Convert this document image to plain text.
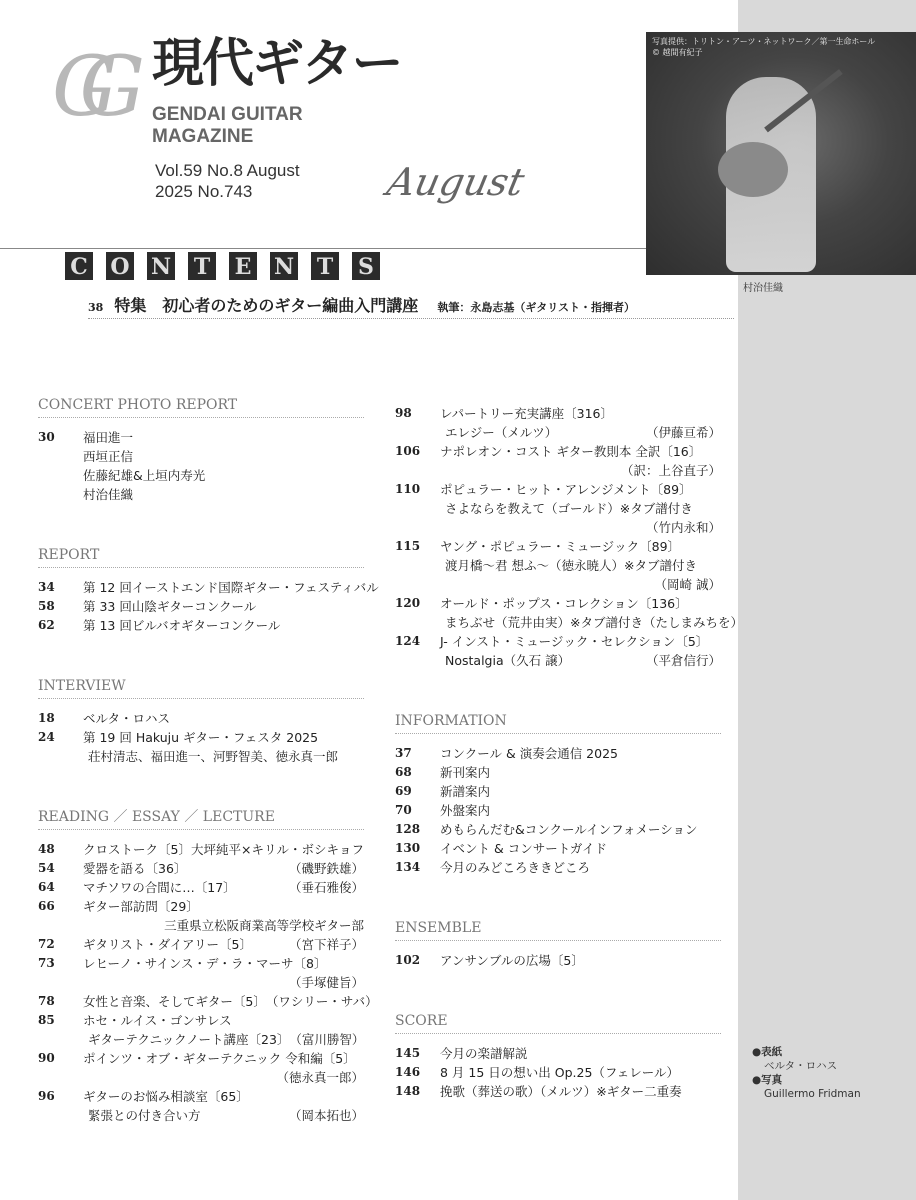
GG 現代ギター
GENDAI GUITAR
MAGAZINE
Vol.59 No.8 August
2025 No.743	August
写真提供：トリトン・アーツ・ネットワーク／第一生命ホール
© 越間有紀子
村治佳織
C O N T E N T S
38 特集　初心者のためのギター編曲入門講座 執筆：永島志基（ギタリスト・指揮者）
CONCERT PHOTO REPORT
30	福田進一
西垣正信
佐藤紀雄&上垣内寿光
村治佳織
REPORT
34	第 12 回イーストエンド国際ギター・フェスティバル
58	第 33 回山陰ギターコンクール
62	第 13 回ビルバオギターコンクール
INTERVIEW
18	ベルタ・ロハス
24	第 19 回 Hakuju ギター・フェスタ 2025
荘村清志、福田進一、河野智美、徳永真一郎
READING ／ ESSAY ／ LECTURE
48	クロストーク〔5〕 大坪純平×キリル・ボシキョフ
54	愛器を語る〔36〕	（磯野鉄雄）
64	マチソワの合間に…〔17〕	（垂石雅俊）
66	ギター部訪問〔29〕
三重県立松阪商業高等学校ギター部
72	ギタリスト・ダイアリー〔5〕	（宮下祥子）
73	レヒーノ・サインス・デ・ラ・マーサ〔8〕
（手塚健旨）
78	女性と音楽、そしてギター〔5〕 （ワシリー・サバ）
85	ホセ・ルイス・ゴンサレス
ギターテクニックノート講座〔23〕 （富川勝智）
90	ポインツ・オブ・ギターテクニック 令和編〔5〕
（徳永真一郎）
96	ギターのお悩み相談室〔65〕
緊張との付き合い方	（岡本拓也）
98	レパートリー充実講座〔316〕
エレジー（メルツ）	（伊藤亘希）
106	ナポレオン・コスト ギター教則本 全訳〔16〕
（訳：上谷直子）
110	ポピュラー・ヒット・アレンジメント〔89〕
さよならを教えて（ゴールド）※タブ譜付き
（竹内永和）
115	ヤング・ポピュラー・ミュージック〔89〕
渡月橋～君 想ふ～（徳永暁人）※タブ譜付き
（岡崎 誠）
120	オールド・ポップス・コレクション〔136〕
まちぶせ（荒井由実）※タブ譜付き （たしまみちを）
124	J- インスト・ミュージック・セレクション〔5〕
Nostalgia（久石 譲）	（平倉信行）
INFORMATION
37	コンクール & 演奏会通信 2025
68	新刊案内
69	新譜案内
70	外盤案内
128	めもらんだむ&コンクールインフォメーション
130	イベント & コンサートガイド
134	今月のみどころききどころ
ENSEMBLE
102	アンサンブルの広場〔5〕
SCORE
145	今月の楽譜解説
146	8 月 15 日の想い出 Op.25（フェレール）
148	挽歌（葬送の歌）（メルツ）※ギター二重奏
●表紙
ベルタ・ロハス
●写真
Guillermo Fridman
